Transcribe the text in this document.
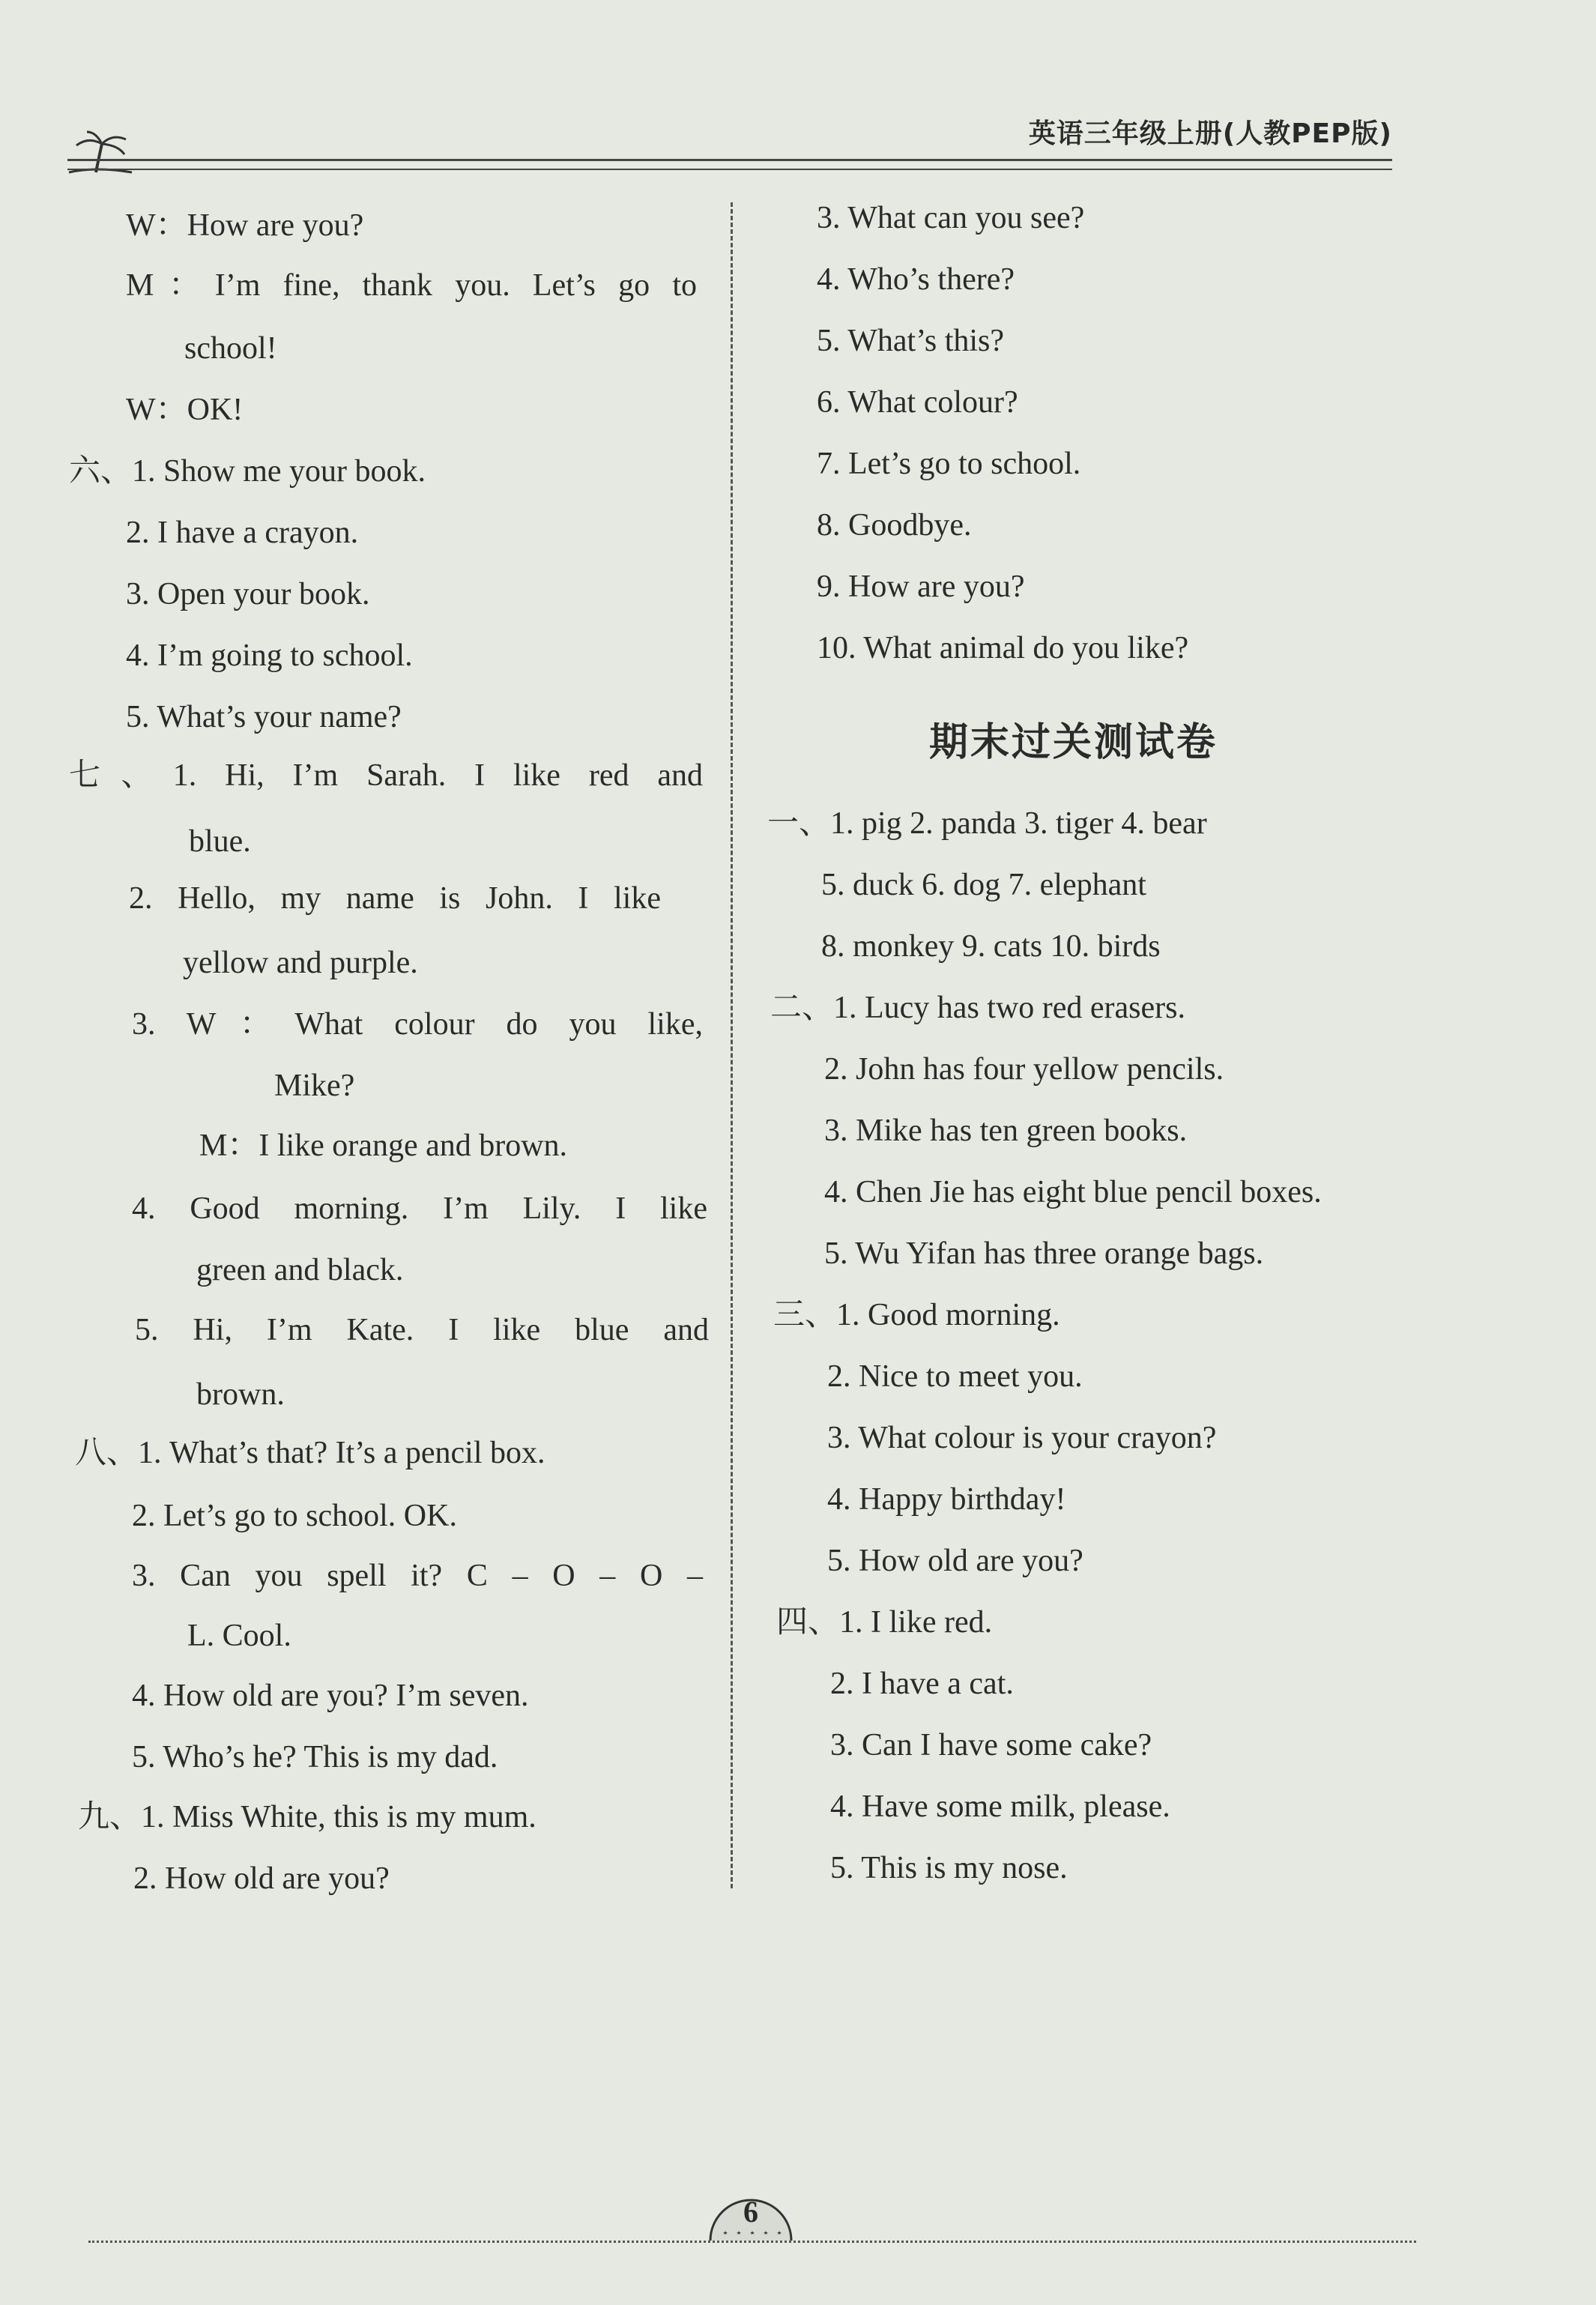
英语三年级上册(人教PEP版)
W：How are you?
M：I’m fine, thank you. Let’s go to
school!
W：OK!
六、1. Show me your book.
2. I have a crayon.
3. Open your book.
4. I’m going to school.
5. What’s your name?
七、1. Hi, I’m Sarah. I like red and
blue.
2. Hello, my name is John. I like
yellow and purple.
3. W：What colour do you like,
Mike?
M：I like orange and brown.
4. Good morning. I’m Lily. I like
green and black.
5. Hi, I’m Kate. I like blue and
brown.
八、1. What’s that? It’s a pencil box.
2. Let’s go to school. OK.
3. Can you spell it? C – O – O –
L. Cool.
4. How old are you? I’m seven.
5. Who’s he? This is my dad.
九、1. Miss White, this is my mum.
2. How old are you?
3. What can you see?
4. Who’s there?
5. What’s this?
6. What colour?
7. Let’s go to school.
8. Goodbye.
9. How are you?
10. What animal do you like?
期末过关测试卷
一、1. pig 2. panda 3. tiger 4. bear
5. duck 6. dog 7. elephant
8. monkey 9. cats 10. birds
二、1. Lucy has two red erasers.
2. John has four yellow pencils.
3. Mike has ten green books.
4. Chen Jie has eight blue pencil boxes.
5. Wu Yifan has three orange bags.
三、1. Good morning.
2. Nice to meet you.
3. What colour is your crayon?
4. Happy birthday!
5. How old are you?
四、1. I like red.
2. I have a cat.
3. Can I have some cake?
4. Have some milk, please.
5. This is my nose.
6
